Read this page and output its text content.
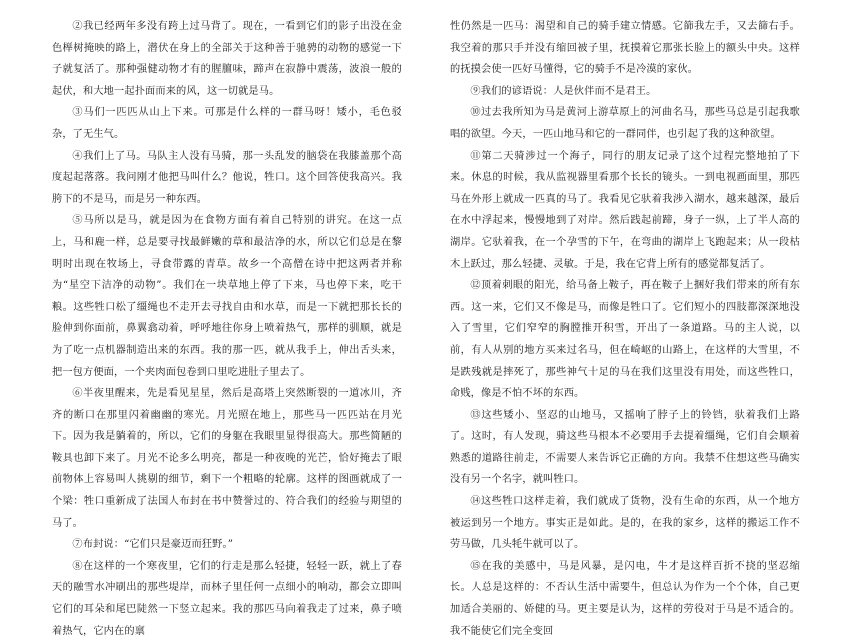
②我已经两年多没有跨上过马背了。现在，一看到它们的影子出没在金色榉树掩映的路上，潜伏在身上的全部关于这种善于驰骋的动物的感觉一下子就复活了。那种强健动物才有的腥膻味，蹄声在寂静中震荡，波浪一般的起伏，和大地一起扑面而来的风，这一切就是马。

③马们一匹匹从山上下来。可那是什么样的一群马呀！矮小，毛色驳杂，了无生气。

④我们上了马。马队主人没有马骑，那一头乱发的脑袋在我膝盖那个高度起起落落。我问刚才他把马叫什么？他说，牲口。这个回答使我高兴。我胯下的不是马，而是另一种东西。

⑤马所以是马，就是因为在食物方面有着自己特别的讲究。在这一点上，马和鹿一样，总是要寻找最鲜嫩的草和最洁净的水，所以它们总是在黎明时出现在牧场上，寻食带露的青草。故乡一个高僧在诗中把这两者并称为“星空下洁净的动物”。我们在一块草地上停了下来，马也停下来，吃干粮。这些牲口松了缰绳也不走开去寻找自由和水草，而是一下就把那长长的脸伸到你面前，鼻翼翕动着，呼呼地往你身上喷着热气，那样的驯顺，就是为了吃一点机器制造出来的东西。我的那一匹，就从我手上，伸出舌头来，把一包方便面，一个夹肉面包卷到口里吃进肚子里去了。

⑥半夜里醒来，先是看见星星，然后是高塔上突然断裂的一道冰川，齐齐的断口在那里闪着幽幽的寒光。月光照在地上，那些马一匹匹站在月光下。因为我是躺着的，所以，它们的身躯在我眼里显得很高大。那些简陋的鞍具也卸下来了。月光不论多么明亮，都是一种夜晚的光芒，恰好掩去了眼前物体上容易叫人挑剔的细节，剩下一个粗略的轮廓。这样的图画就成了一个梁：牲口重新成了法国人布封在书中赞誉过的、符合我们的经验与期望的马了。

⑦布封说：“它们只是豪迈而狂野。”

⑧在这样的一个寒夜里，它们的行走是那么轻捷，轻轻一跃，就上了春天的融雪水冲刷出的那些堤岸，而林子里任何一点细小的响动，都会立即叫它们的耳朵和尾巴陡然一下竖立起来。我的那匹马向着我走了过来，鼻子喷着热气，它内在的禀

性仍然是一匹马：渴望和自己的骑手建立情感。它篩我左手，又去篩右手。我空着的那只手并没有缩回被子里，抚摸着它那张长脸上的额头中央。这样的抚摸会使一匹好马懂得，它的骑手不是冷漠的家伙。

⑨我们的谚语说：人是伙伴而不是君王。

⑩过去我所知为马是黄河上游草原上的河曲名马，那些马总是引起我歌唱的欲望。今天，一匹山地马和它的一群同伴，也引起了我的这种欲望。

⑪第二天骑涉过一个海子，同行的朋友记录了这个过程完整地拍了下来。休息的时候，我从监视器里看那个长长的镜头。一到电视画面里，那匹马在外形上就成一匹真的马了。我看见它驮着我涉入湖水，越来越深，最后在水中浮起来，慢慢地到了对岸。然后践起前蹄，身子一纵，上了半人高的湖岸。它驮着我，在一个孕雪的下午，在弯曲的湖岸上飞跑起来；从一段枯木上跃过，那么轻捷、灵敏。于是，我在它背上所有的感觉都复活了。

⑫顶着刺眼的阳光，给马备上鞍子，再在鞍子上捆好我们带来的所有东西。这一来，它们又不像是马，而像是牲口了。它们短小的四肢都深深地没入了雪里，它们窄窄的胸膛推开积雪，开出了一条道路。马的主人说，以前，有人从别的地方买来过名马，但在崎岖的山路上，在这样的大雪里，不是跌残就是摔死了，那些神气十足的马在我们这里没有用处，而这些牲口，命贱，像是不怕不坏的东西。

⑬这些矮小、坚忍的山地马，又摇响了脖子上的铃铛，驮着我们上路了。这时，有人发现，骑这些马根本不必要用手去提着缰绳，它们自会顺着熟悉的道路往前走，不需要人来告诉它正确的方向。我禁不住想这些马确实没有另一个名字，就叫牲口。

⑭这些牲口这样走着，我们就成了货物，没有生命的东西，从一个地方被运到另一个地方。事实正是如此。是的，在我的家乡，这样的搬运工作不劳马做，几头牦牛就可以了。

⑮在我的美感中，马是风暴，是闪电，牛才是这样百折不挠的坚忍缩长。人总是这样的：不否认生活中需要牛，但总认为作为一个个体，自己更加适合美丽的、娇健的马。更主要是认为，这样的劳役对于马是不适合的。我不能使它们完全变回
